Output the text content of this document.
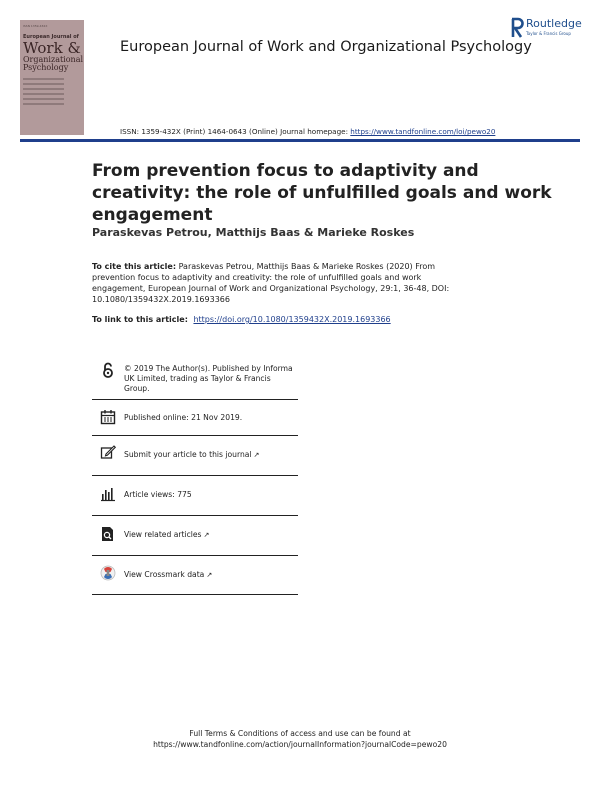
ISSN 1359-432X
European Journal of
Work &
Organizational
Psychology
European Journal of Work and Organizational Psychology
Routledge
Taylor & Francis Group
ISSN: 1359-432X (Print) 1464-0643 (Online) Journal homepage: https://www.tandfonline.com/loi/pewo20
From prevention focus to adaptivity and creativity: the role of unfulfilled goals and work engagement
Paraskevas Petrou, Matthijs Baas & Marieke Roskes
To cite this article: Paraskevas Petrou, Matthijs Baas & Marieke Roskes (2020) From prevention focus to adaptivity and creativity: the role of unfulfilled goals and work engagement, European Journal of Work and Organizational Psychology, 29:1, 36-48, DOI: 10.1080/1359432X.2019.1693366
To link to this article: https://doi.org/10.1080/1359432X.2019.1693366
© 2019 The Author(s). Published by Informa UK Limited, trading as Taylor & Francis Group.
Published online: 21 Nov 2019.
Submit your article to this journal ↗
Article views: 775
View related articles ↗
View Crossmark data ↗
Full Terms & Conditions of access and use can be found at
https://www.tandfonline.com/action/journalInformation?journalCode=pewo20
